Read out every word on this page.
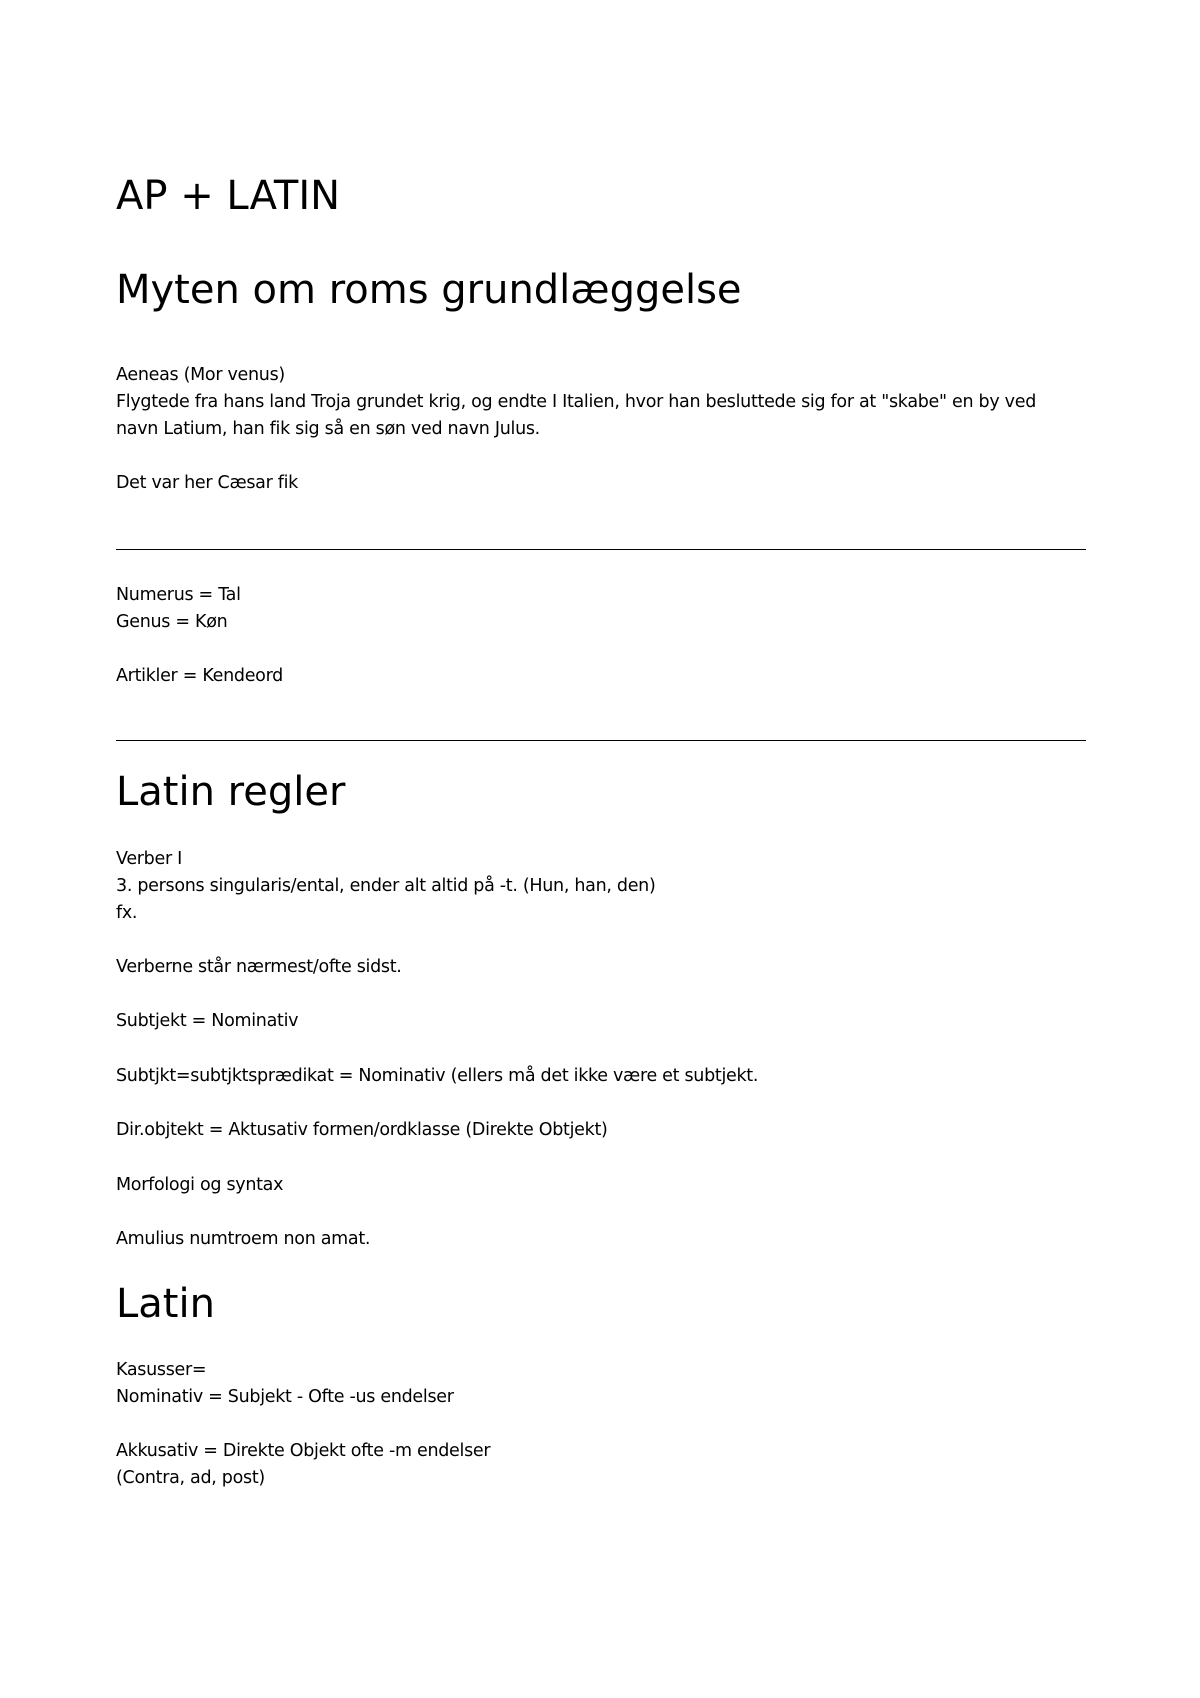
AP + LATIN
Myten om roms grundlæggelse

Aeneas (Mor venus)

Flygtede fra hans land Troja grundet krig, og endte I Italien, hvor han besluttede sig for at "skabe" en by ved

navn Latium, han fik sig så en søn ved navn Julus.

Det var her Cæsar fik

Numerus = Tal

Genus = Køn

Artikler = Kendeord

Latin regler

Verber I

3. persons singularis/ental, ender alt altid på -t. (Hun, han, den)

fx.

Verberne står nærmest/ofte sidst.

Subtjekt = Nominativ

Subtjkt=subtjktsprædikat = Nominativ (ellers må det ikke være et subtjekt.

Dir.objtekt = Aktusativ formen/ordklasse (Direkte Obtjekt)

Morfologi og syntax

Amulius numtroem non amat.

Latin

Kasusser=

Nominativ = Subjekt - Ofte -us endelser

Akkusativ = Direkte Objekt ofte -m endelser

(Contra, ad, post)
